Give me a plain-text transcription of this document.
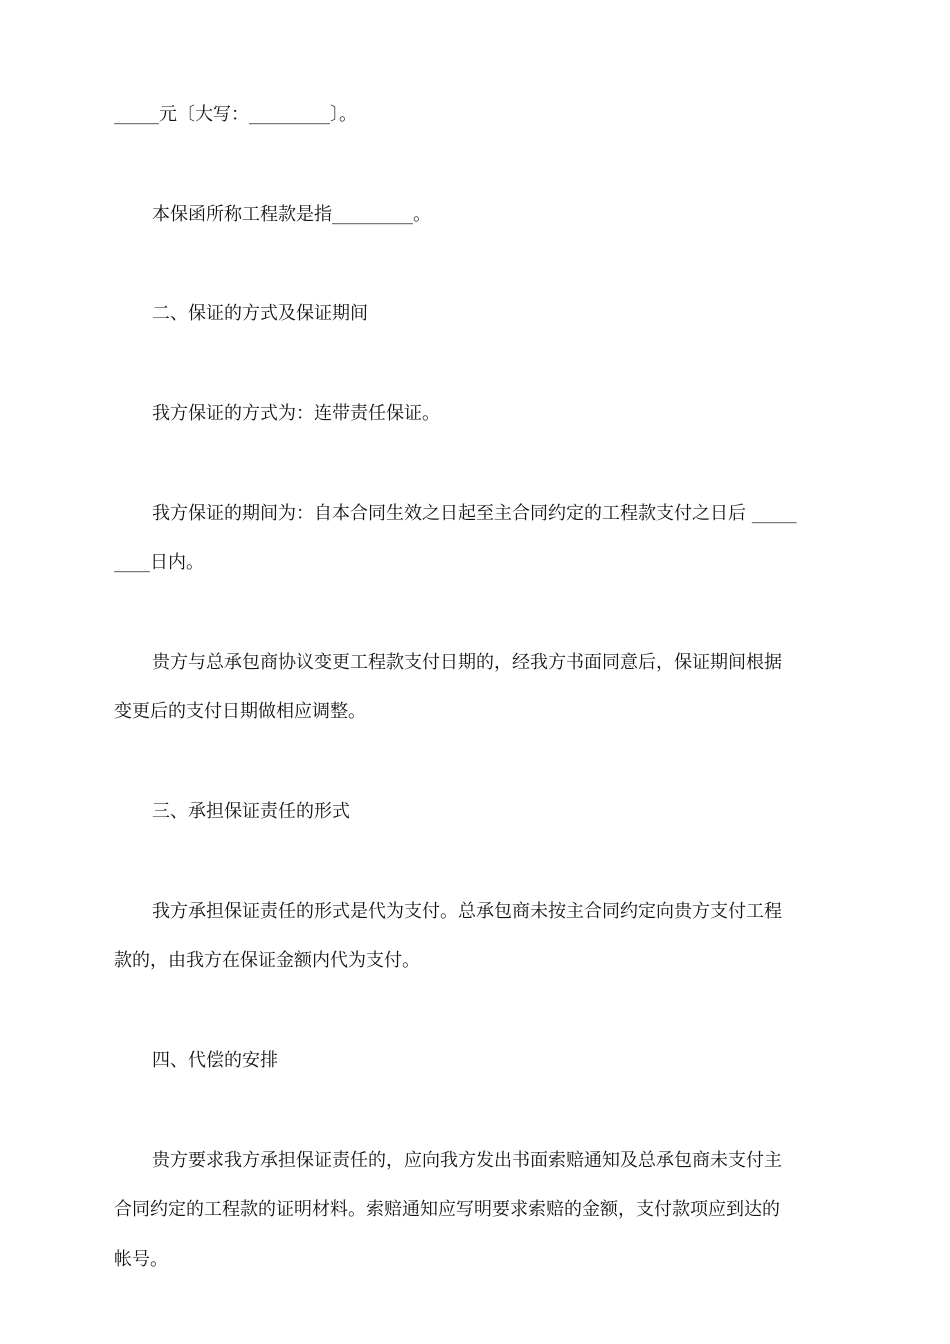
_____元〔大写：_________〕。
本保函所称工程款是指_________。
二、保证的方式及保证期间
我方保证的方式为：连带责任保证。
我方保证的期间为：自本合同生效之日起至主合同约定的工程款支付之日后 _____
____日内。
贵方与总承包商协议变更工程款支付日期的，经我方书面同意后，保证期间根据
变更后的支付日期做相应调整。
三、承担保证责任的形式
我方承担保证责任的形式是代为支付。总承包商未按主合同约定向贵方支付工程
款的，由我方在保证金额内代为支付。
四、代偿的安排
贵方要求我方承担保证责任的，应向我方发出书面索赔通知及总承包商未支付主
合同约定的工程款的证明材料。索赔通知应写明要求索赔的金额，支付款项应到达的
帐号。
